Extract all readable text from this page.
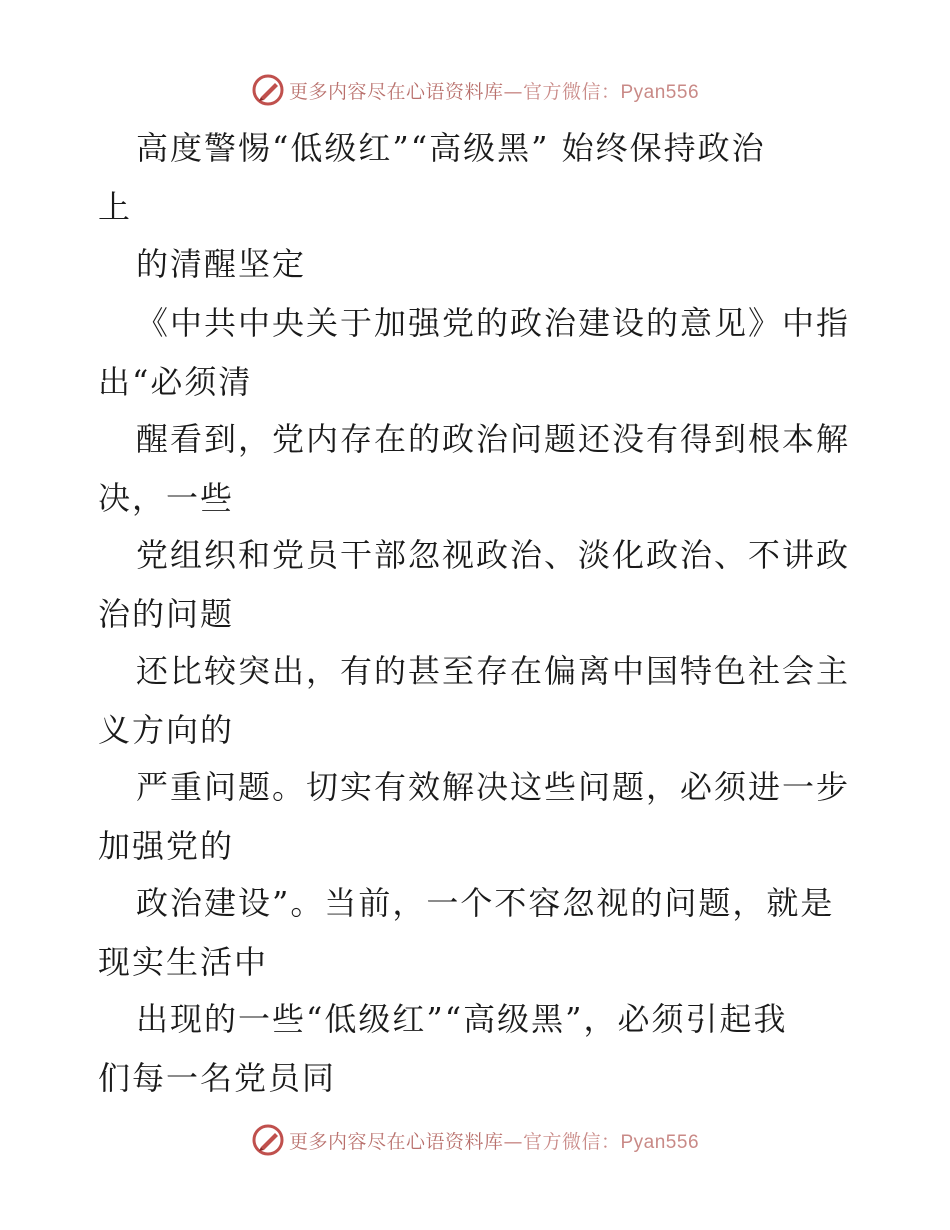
更多内容尽在心语资料库—官方微信：Pyan556
高度警惕“低级红”“高级黑” 始终保持政治
上
的清醒坚定
《中共中央关于加强党的政治建设的意见》中指
出“必须清
醒看到，党内存在的政治问题还没有得到根本解
决，一些
党组织和党员干部忽视政治、淡化政治、不讲政
治的问题
还比较突出，有的甚至存在偏离中国特色社会主
义方向的
严重问题。切实有效解决这些问题，必须进一步
加强党的
政治建设”。当前，一个不容忽视的问题，就是
现实生活中
出现的一些“低级红”“高级黑”，必须引起我
们每一名党员同
更多内容尽在心语资料库—官方微信：Pyan556
